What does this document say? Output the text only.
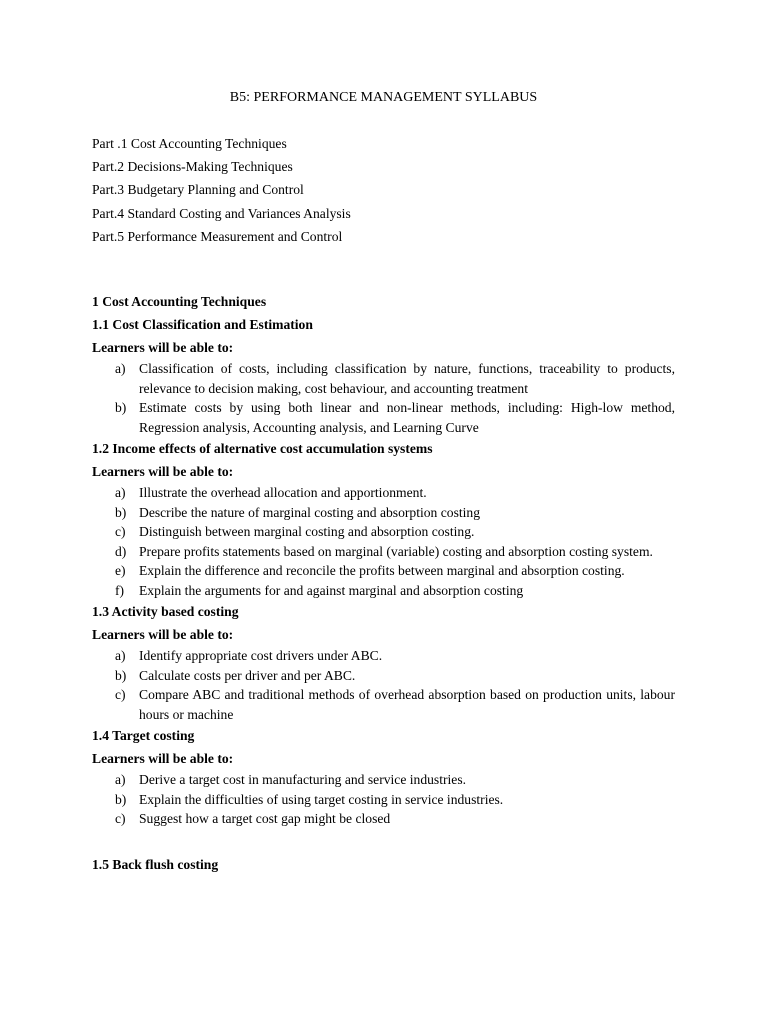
B5: PERFORMANCE MANAGEMENT SYLLABUS
Part .1 Cost Accounting Techniques
Part.2 Decisions-Making Techniques
Part.3 Budgetary Planning and Control
Part.4 Standard Costing and Variances Analysis
Part.5 Performance Measurement and Control
1 Cost Accounting Techniques
1.1 Cost Classification and Estimation
Learners will be able to:
a) Classification of costs, including classification by nature, functions, traceability to products, relevance to decision making, cost behaviour, and accounting treatment
b) Estimate costs by using both linear and non-linear methods, including: High-low method, Regression analysis, Accounting analysis, and Learning Curve
1.2 Income effects of alternative cost accumulation systems
Learners will be able to:
a) Illustrate the overhead allocation and apportionment.
b) Describe the nature of marginal costing and absorption costing
c) Distinguish between marginal costing and absorption costing.
d) Prepare profits statements based on marginal (variable) costing and absorption costing system.
e) Explain the difference and reconcile the profits between marginal and absorption costing.
f) Explain the arguments for and against marginal and absorption costing
1.3 Activity based costing
Learners will be able to:
a) Identify appropriate cost drivers under ABC.
b) Calculate costs per driver and per ABC.
c) Compare ABC and traditional methods of overhead absorption based on production units, labour hours or machine
1.4 Target costing
Learners will be able to:
a) Derive a target cost in manufacturing and service industries.
b) Explain the difficulties of using target costing in service industries.
c) Suggest how a target cost gap might be closed
1.5 Back flush costing
